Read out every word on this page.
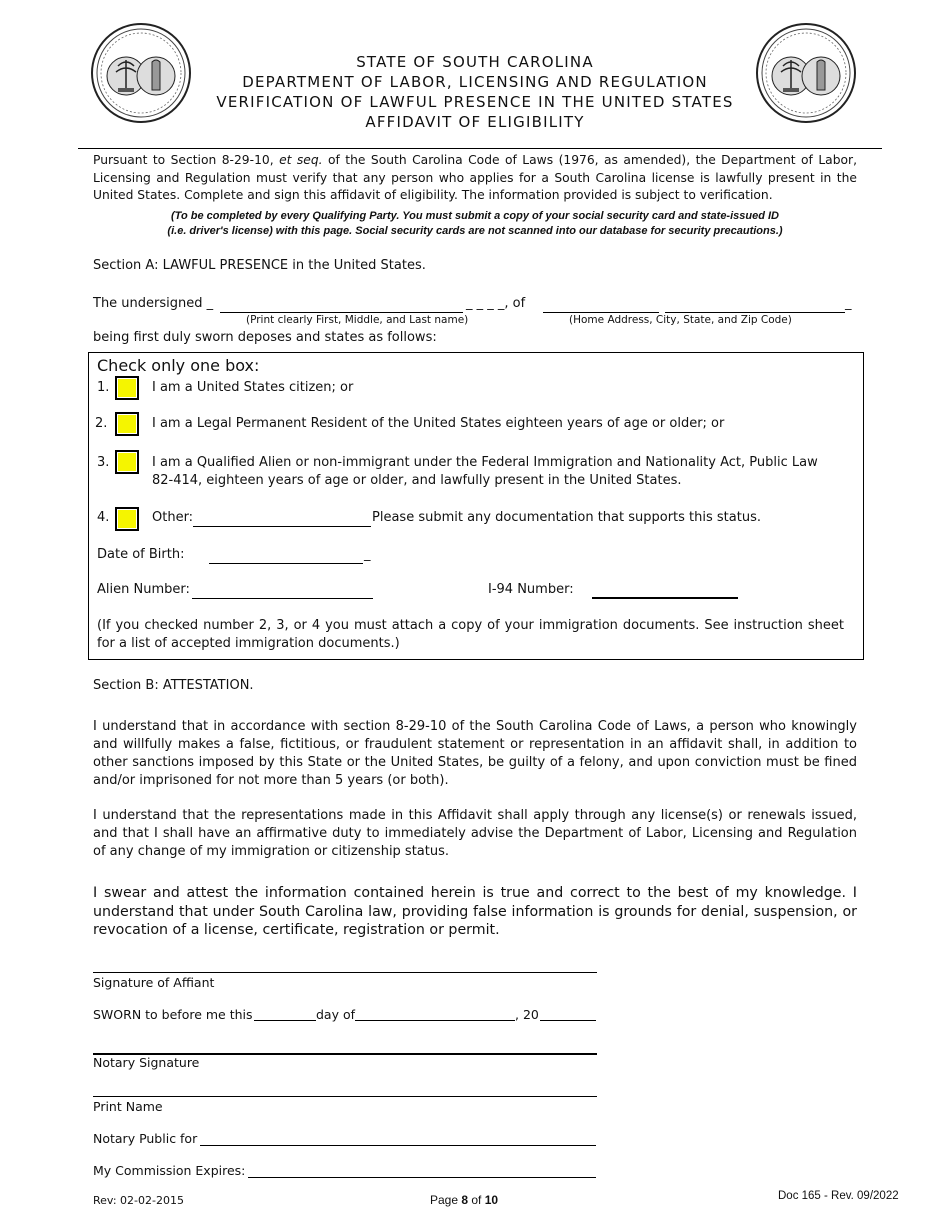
STATE OF SOUTH CAROLINA
DEPARTMENT OF LABOR, LICENSING AND REGULATION
VERIFICATION OF LAWFUL PRESENCE IN THE UNITED STATES
AFFIDAVIT OF ELIGIBILITY
Pursuant to Section 8-29-10, et seq. of the South Carolina Code of Laws (1976, as amended), the Department of Labor, Licensing and Regulation must verify that any person who applies for a South Carolina license is lawfully present in the United States. Complete and sign this affidavit of eligibility. The information provided is subject to verification.
(To be completed by every Qualifying Party. You must submit a copy of your social security card and state-issued ID
(i.e. driver's license) with this page. Social security cards are not scanned into our database for security precautions.)
Section A: LAWFUL PRESENCE in the United States.
The undersigned _	_ _ _ _, of	_
(Print clearly First, Middle, and Last name)	(Home Address, City, State, and Zip Code)
being first duly sworn deposes and states as follows:
Check only one box:
1.	I am a United States citizen; or
2.	I am a Legal Permanent Resident of the United States eighteen years of age or older; or
3.	I am a Qualified Alien or non-immigrant under the Federal Immigration and Nationality Act, Public Law
82-414, eighteen years of age or older, and lawfully present in the United States.
4.	Other:	Please submit any documentation that supports this status.
Date of Birth:	_
Alien Number:	I-94 Number:
(If you checked number 2, 3, or 4 you must attach a copy of your immigration documents. See instruction sheet for a list of accepted immigration documents.)
Section B: ATTESTATION.
I understand that in accordance with section 8-29-10 of the South Carolina Code of Laws, a person who knowingly and willfully makes a false, fictitious, or fraudulent statement or representation in an affidavit shall, in addition to other sanctions imposed by this State or the United States, be guilty of a felony, and upon conviction must be fined and/or imprisoned for not more than 5 years (or both).
I understand that the representations made in this Affidavit shall apply through any license(s) or renewals issued, and that I shall have an affirmative duty to immediately advise the Department of Labor, Licensing and Regulation of any change of my immigration or citizenship status.
I swear and attest the information contained herein is true and correct to the best of my knowledge. I understand that under South Carolina law, providing false information is grounds for denial, suspension, or revocation of a license, certificate, registration or permit.
Signature of Affiant
SWORN to before me this	day of	, 20
Notary Signature
Print Name
Notary Public for
My Commission Expires:
Rev: 02-02-2015	Page 8 of 10	Doc 165 - Rev. 09/2022
